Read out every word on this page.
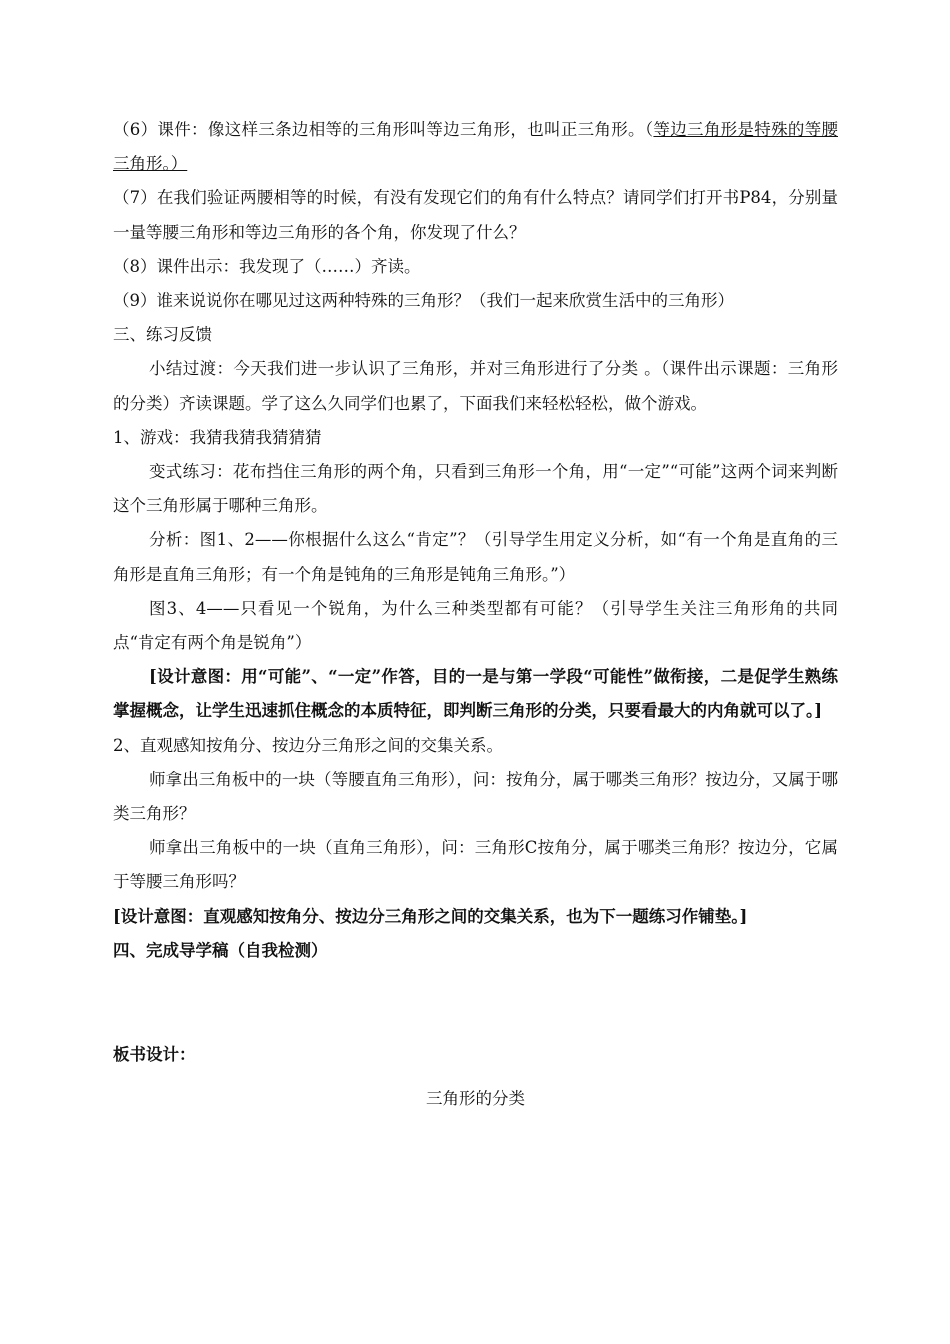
（6）课件：像这样三条边相等的三角形叫等边三角形，也叫正三角形。（等边三角形是特殊的等腰三角形。）

（7）在我们验证两腰相等的时候，有没有发现它们的角有什么特点？请同学们打开书P84，分别量一量等腰三角形和等边三角形的各个角，你发现了什么？

（8）课件出示：我发现了（……）齐读。

（9）谁来说说你在哪见过这两种特殊的三角形？（我们一起来欣赏生活中的三角形）

三、练习反馈

小结过渡：今天我们进一步认识了三角形，并对三角形进行了分类 。（课件出示课题：三角形的分类）齐读课题。学了这么久同学们也累了，下面我们来轻松轻松，做个游戏。

1、游戏：我猜我猜我猜猜猜

变式练习：花布挡住三角形的两个角，只看到三角形一个角，用“一定”“可能”这两个词来判断这个三角形属于哪种三角形。

分析：图1、2——你根据什么这么“肯定”？（引导学生用定义分析，如“有一个角是直角的三角形是直角三角形；有一个角是钝角的三角形是钝角三角形。”）

图3、4——只看见一个锐角，为什么三种类型都有可能？（引导学生关注三角形角的共同点“肯定有两个角是锐角”）

[设计意图：用“可能”、“一定”作答，目的一是与第一学段“可能性”做衔接，二是促学生熟练掌握概念，让学生迅速抓住概念的本质特征，即判断三角形的分类，只要看最大的内角就可以了。]

2、直观感知按角分、按边分三角形之间的交集关系。

师拿出三角板中的一块（等腰直角三角形），问：按角分，属于哪类三角形？按边分，又属于哪类三角形？

师拿出三角板中的一块（直角三角形），问：三角形C按角分，属于哪类三角形？按边分，它属于等腰三角形吗？

[设计意图：直观感知按角分、按边分三角形之间的交集关系，也为下一题练习作铺垫。]

四、完成导学稿（自我检测）

板书设计：

三角形的分类
